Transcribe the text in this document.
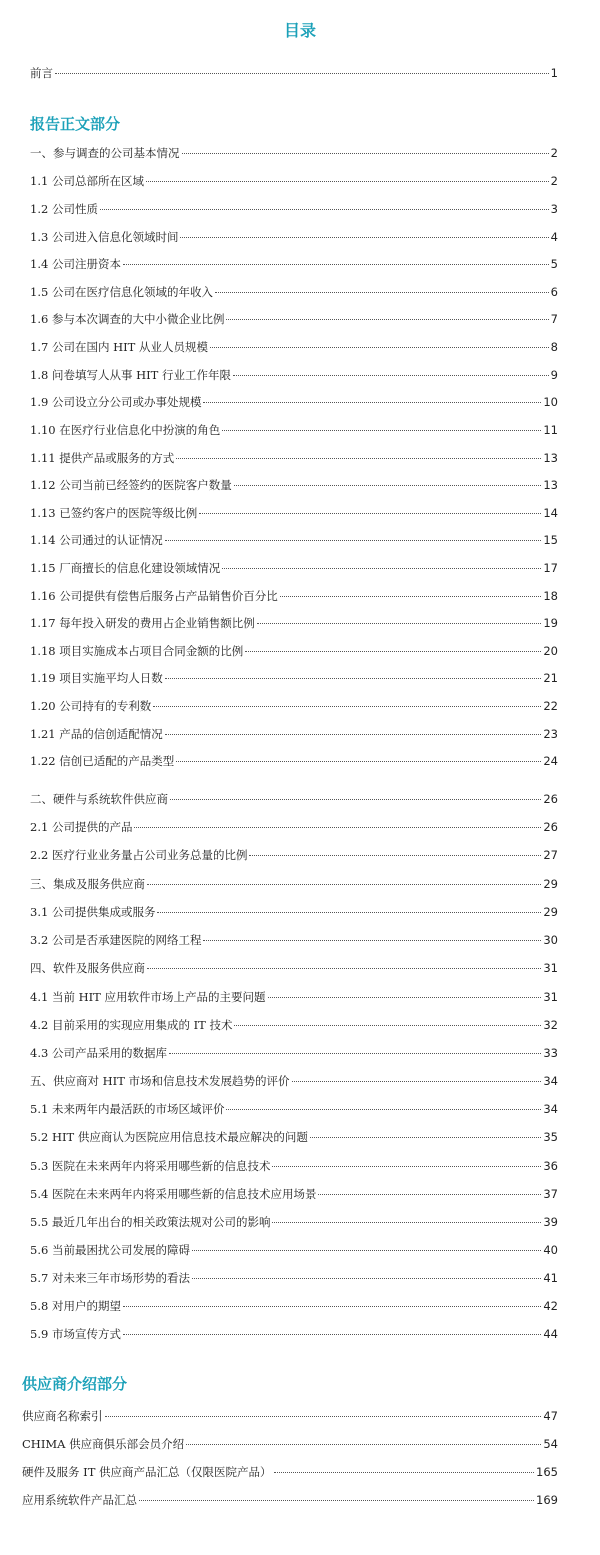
目录
前言	1
报告正文部分
一、参与调查的公司基本情况	2
1.1 公司总部所在区域	2
1.2 公司性质	3
1.3 公司进入信息化领域时间	4
1.4 公司注册资本	5
1.5 公司在医疗信息化领域的年收入	6
1.6 参与本次调查的大中小微企业比例	7
1.7 公司在国内 HIT 从业人员规模	8
1.8 问卷填写人从事 HIT 行业工作年限	9
1.9 公司设立分公司或办事处规模	10
1.10 在医疗行业信息化中扮演的角色	11
1.11 提供产品或服务的方式	13
1.12 公司当前已经签约的医院客户数量	13
1.13 已签约客户的医院等级比例	14
1.14 公司通过的认证情况	15
1.15 厂商擅长的信息化建设领域情况	17
1.16 公司提供有偿售后服务占产品销售价百分比	18
1.17 每年投入研发的费用占企业销售额比例	19
1.18 项目实施成本占项目合同金额的比例	20
1.19 项目实施平均人日数	21
1.20 公司持有的专利数	22
1.21 产品的信创适配情况	23
1.22 信创已适配的产品类型	24
二、硬件与系统软件供应商	26
2.1 公司提供的产品	26
2.2 医疗行业业务量占公司业务总量的比例	27
三、集成及服务供应商	29
3.1 公司提供集成或服务	29
3.2 公司是否承建医院的网络工程	30
四、软件及服务供应商	31
4.1 当前 HIT 应用软件市场上产品的主要问题	31
4.2 目前采用的实现应用集成的 IT 技术	32
4.3 公司产品采用的数据库	33
五、供应商对 HIT 市场和信息技术发展趋势的评价	34
5.1 未来两年内最活跃的市场区域评价	34
5.2 HIT 供应商认为医院应用信息技术最应解决的问题	35
5.3 医院在未来两年内将采用哪些新的信息技术	36
5.4 医院在未来两年内将采用哪些新的信息技术应用场景	37
5.5 最近几年出台的相关政策法规对公司的影响	39
5.6 当前最困扰公司发展的障碍	40
5.7 对未来三年市场形势的看法	41
5.8 对用户的期望	42
5.9 市场宣传方式	44
供应商介绍部分
供应商名称索引	47
CHIMA 供应商俱乐部会员介绍	54
硬件及服务 IT 供应商产品汇总（仅限医院产品）	165
应用系统软件产品汇总	169
